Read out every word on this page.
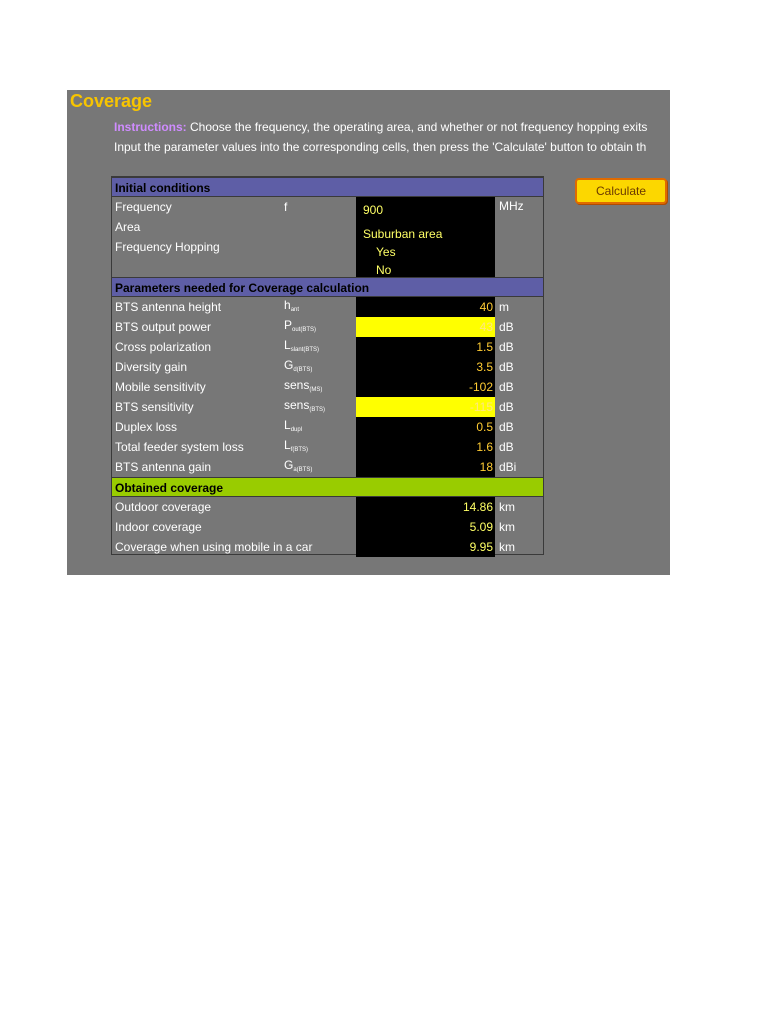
Coverage
Instructions: Choose the frequency, the operating area, and whether or not frequency hopping exits
Input the parameter values into the corresponding cells, then press the 'Calculate' button to obtain th
Calculate
Initial conditions
Frequency	f	900	MHz
Area	Suburban area
Frequency Hopping	Yes
No
Parameters needed for Coverage calculation
BTS antenna height	$h_{ant}$	40 m
BTS output power	$P_{out(BTS)}$	43 dB
Cross polarization	$L_{slant(BTS)}$	1.5 dB
Diversity gain	$G_{d(BTS)}$	3.5 dB
Mobile sensitivity	sens$_{(MS)}$	-102 dB
BTS sensitivity	sens$_{(BTS)}$	-115 dB
Duplex loss	$L_{dupl}$	0.5 dB
Total feeder system loss	$L_{f(BTS)}$	1.6 dB
BTS antenna gain	$G_{a(BTS)}$	18 dBi
Obtained coverage
Outdoor coverage	14.86 km
Indoor coverage	5.09 km
Coverage when using mobile in a car	9.95 km
